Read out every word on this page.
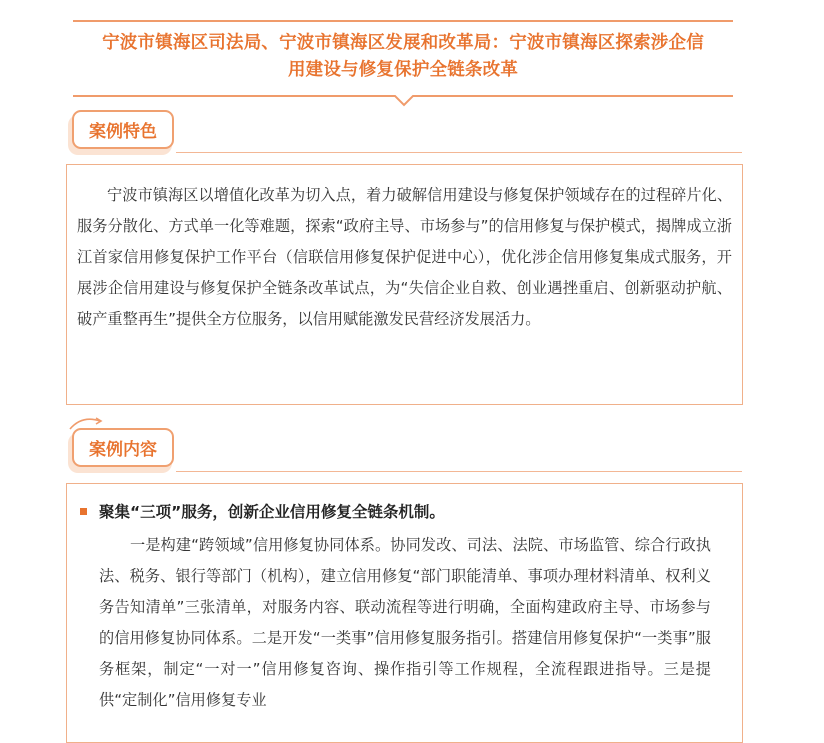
宁波市镇海区司法局、宁波市镇海区发展和改革局：宁波市镇海区探索涉企信
用建设与修复保护全链条改革
案例特色
宁波市镇海区以增值化改革为切入点，着力破解信用建设与修复保护领域存在的过程碎片化、服务分散化、方式单一化等难题，探索“政府主导、市场参与”的信用修复与保护模式，揭牌成立浙江首家信用修复保护工作平台（信联信用修复保护促进中心），优化涉企信用修复集成式服务，开展涉企信用建设与修复保护全链条改革试点，为“失信企业自救、创业遇挫重启、创新驱动护航、破产重整再生”提供全方位服务，以信用赋能激发民营经济发展活力。
案例内容
聚集“三项”服务，创新企业信用修复全链条机制。
一是构建“跨领域”信用修复协同体系。协同发改、司法、法院、市场监管、综合行政执法、税务、银行等部门（机构），建立信用修复“部门职能清单、事项办理材料清单、权利义务告知清单”三张清单，对服务内容、联动流程等进行明确，全面构建政府主导、市场参与的信用修复协同体系。二是开发“一类事”信用修复服务指引。搭建信用修复保护“一类事”服务框架，制定“一对一”信用修复咨询、操作指引等工作规程，全流程跟进指导。三是提供“定制化”信用修复专业
